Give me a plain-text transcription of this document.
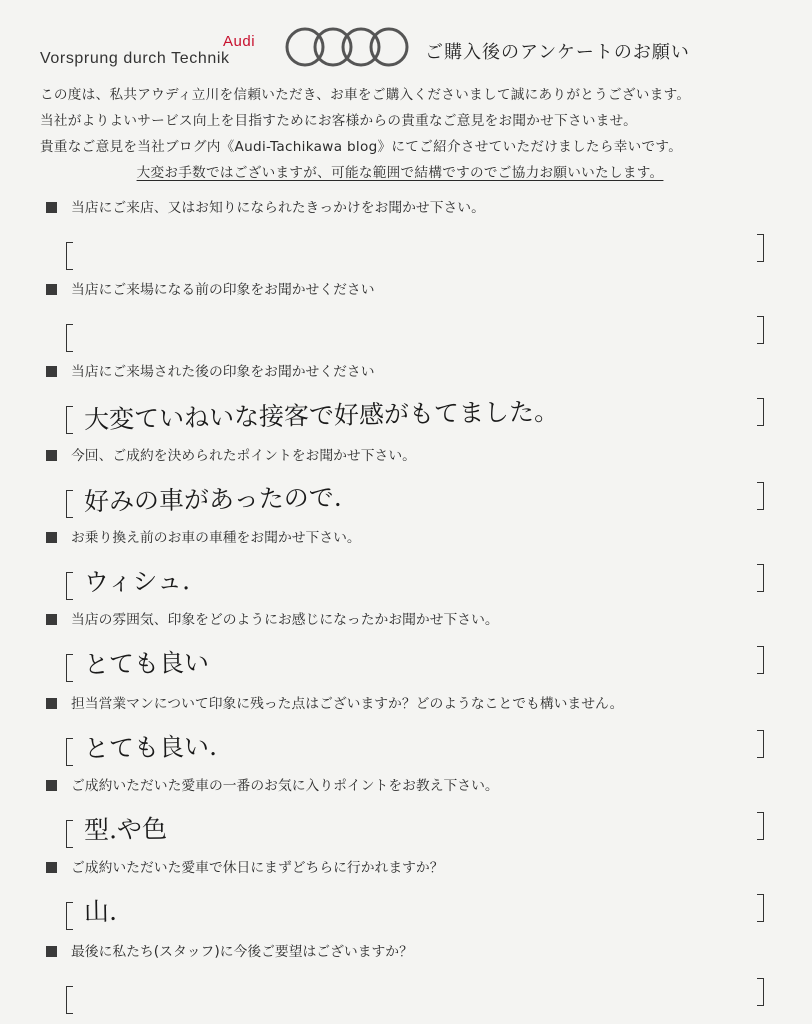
Audi
Vorsprung durch Technik	ご購入後のアンケートのお願い
この度は、私共アウディ立川を信頼いただき、お車をご購入くださいまして誠にありがとうございます。
当社がよりよいサービス向上を目指すためにお客様からの貴重なご意見をお聞かせ下さいませ。
貴重なご意見を当社ブログ内《Audi-Tachikawa blog》にてご紹介させていただけましたら幸いです。
大変お手数ではございますが、可能な範囲で結構ですのでご協力お願いいたします。
当店にご来店、又はお知りになられたきっかけをお聞かせ下さい。
当店にご来場になる前の印象をお聞かせください
当店にご来場された後の印象をお聞かせください
大変ていねいな接客で好感がもてました。
今回、ご成約を決められたポイントをお聞かせ下さい。
好みの車があったので.
お乗り換え前のお車の車種をお聞かせ下さい。
ウィシュ.
当店の雰囲気、印象をどのようにお感じになったかお聞かせ下さい。
とても良い
担当営業マンについて印象に残った点はございますか？どのようなことでも構いません。
とても良い.
ご成約いただいた愛車の一番のお気に入りポイントをお教え下さい。
型.や色
ご成約いただいた愛車で休日にまずどちらに行かれますか？
山.
最後に私たち(スタッフ)に今後ご要望はございますか？
